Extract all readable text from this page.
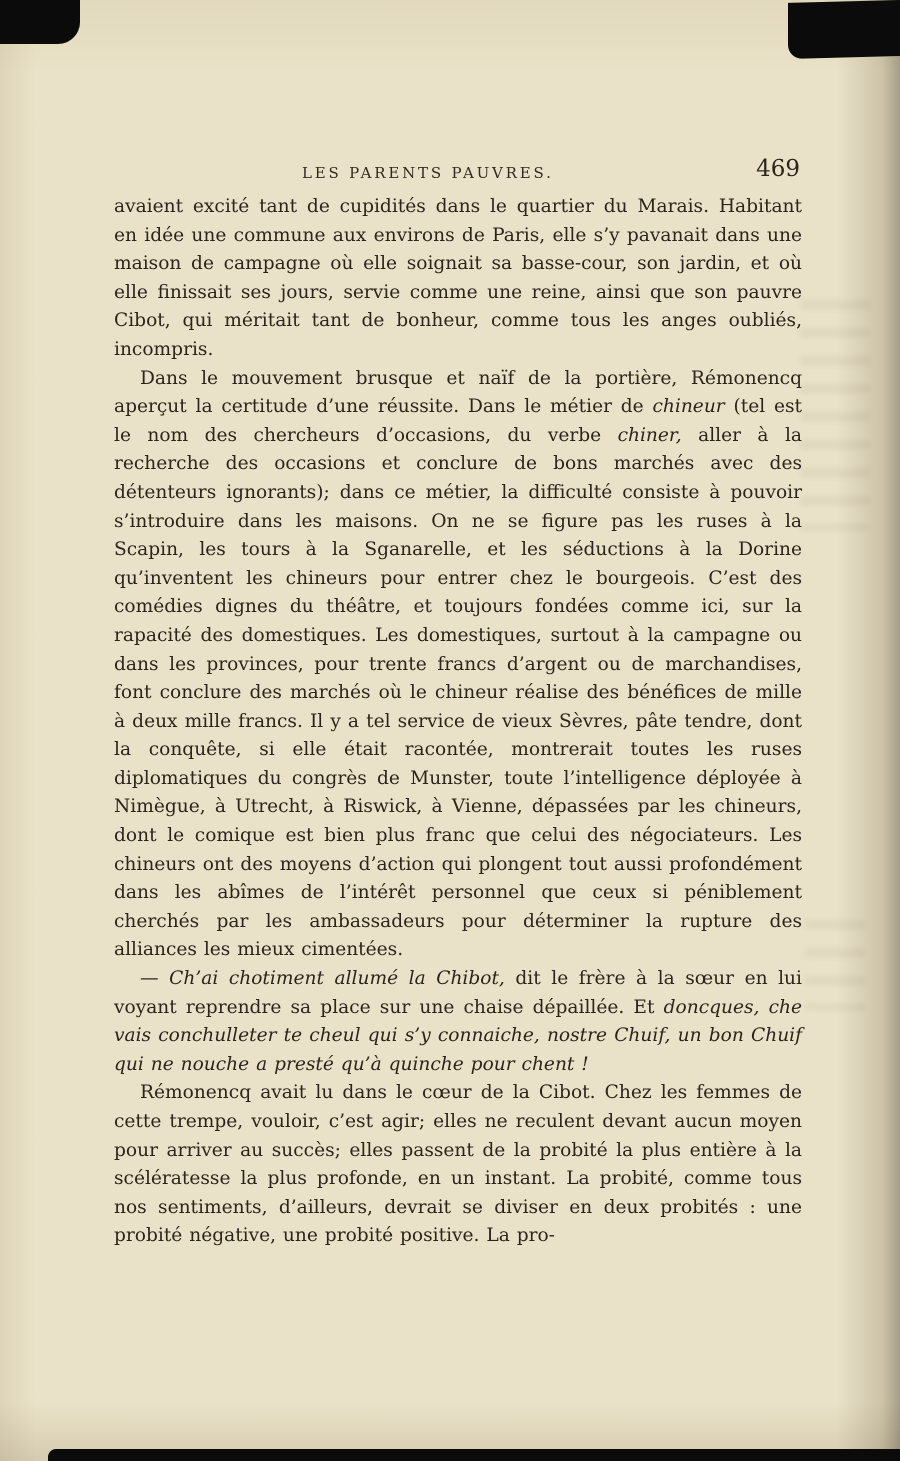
LES PARENTS PAUVRES.	469

avaient excité tant de cupidités dans le quartier du Marais. Habitant en idée une commune aux environs de Paris, elle s’y pavanait dans une maison de campagne où elle soignait sa basse-cour, son jardin, et où elle finissait ses jours, servie comme une reine, ainsi que son pauvre Cibot, qui méritait tant de bonheur, comme tous les anges oubliés, incompris.

Dans le mouvement brusque et naïf de la portière, Rémonencq aperçut la certitude d’une réussite. Dans le métier de chineur (tel est le nom des chercheurs d’occasions, du verbe chiner, aller à la recherche des occasions et conclure de bons marchés avec des détenteurs ignorants); dans ce métier, la difficulté consiste à pouvoir s’introduire dans les maisons. On ne se figure pas les ruses à la Scapin, les tours à la Sganarelle, et les séductions à la Dorine qu’inventent les chineurs pour entrer chez le bourgeois. C’est des comédies dignes du théâtre, et toujours fondées comme ici, sur la rapacité des domestiques. Les domestiques, surtout à la campagne ou dans les provinces, pour trente francs d’argent ou de marchandises, font conclure des marchés où le chineur réalise des bénéfices de mille à deux mille francs. Il y a tel service de vieux Sèvres, pâte tendre, dont la conquête, si elle était racontée, montrerait toutes les ruses diplomatiques du congrès de Munster, toute l’intelligence déployée à Nimègue, à Utrecht, à Riswick, à Vienne, dépassées par les chineurs, dont le comique est bien plus franc que celui des négociateurs. Les chineurs ont des moyens d’action qui plongent tout aussi profondément dans les abîmes de l’intérêt personnel que ceux si péniblement cherchés par les ambassadeurs pour déterminer la rupture des alliances les mieux cimentées.

— Ch’ai chotiment allumé la Chibot, dit le frère à la sœur en lui voyant reprendre sa place sur une chaise dépaillée. Et doncques, che vais conchulleter te cheul qui s’y connaiche, nostre Chuif, un bon Chuif qui ne nouche a presté qu’à quinche pour chent !

Rémonencq avait lu dans le cœur de la Cibot. Chez les femmes de cette trempe, vouloir, c’est agir; elles ne reculent devant aucun moyen pour arriver au succès; elles passent de la probité la plus entière à la scélératesse la plus profonde, en un instant. La probité, comme tous nos sentiments, d’ailleurs, devrait se diviser en deux probités : une probité négative, une probité positive. La pro-
